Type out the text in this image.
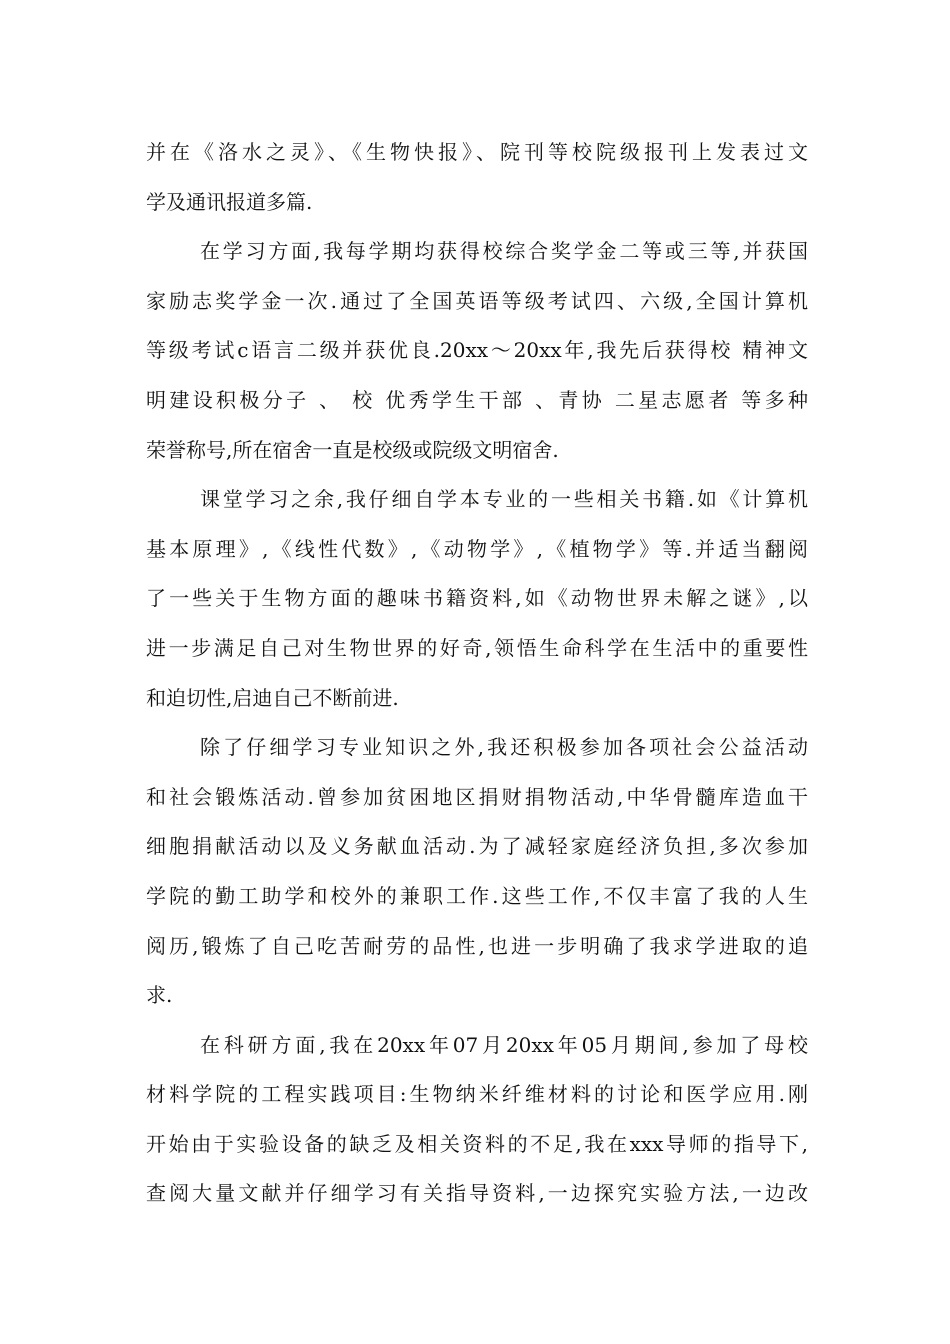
并在《洛水之灵》、《生物快报》、院刊等校院级报刊上发表过文
学及通讯报道多篇.
在学习方面,我每学期均获得校综合奖学金二等或三等,并获国
家励志奖学金一次.通过了全国英语等级考试四、六级,全国计算机
等级考试c语言二级并获优良.20xx～20xx年,我先后获得校 精神文
明建设积极分子 、 校 优秀学生干部 、青协 二星志愿者 等多种
荣誉称号,所在宿舍一直是校级或院级文明宿舍.
课堂学习之余,我仔细自学本专业的一些相关书籍.如《计算机
基本原理》,《线性代数》,《动物学》,《植物学》等.并适当翻阅
了一些关于生物方面的趣味书籍资料,如《动物世界未解之谜》,以
进一步满足自己对生物世界的好奇,领悟生命科学在生活中的重要性
和迫切性,启迪自己不断前进.
除了仔细学习专业知识之外,我还积极参加各项社会公益活动
和社会锻炼活动.曾参加贫困地区捐财捐物活动,中华骨髓库造血干
细胞捐献活动以及义务献血活动.为了减轻家庭经济负担,多次参加
学院的勤工助学和校外的兼职工作.这些工作,不仅丰富了我的人生
阅历,锻炼了自己吃苦耐劳的品性,也进一步明确了我求学进取的追
求.
在科研方面,我在20xx年07月20xx年05月期间,参加了母校
材料学院的工程实践项目:生物纳米纤维材料的讨论和医学应用.刚
开始由于实验设备的缺乏及相关资料的不足,我在xxx导师的指导下,
查阅大量文献并仔细学习有关指导资料,一边探究实验方法,一边改
